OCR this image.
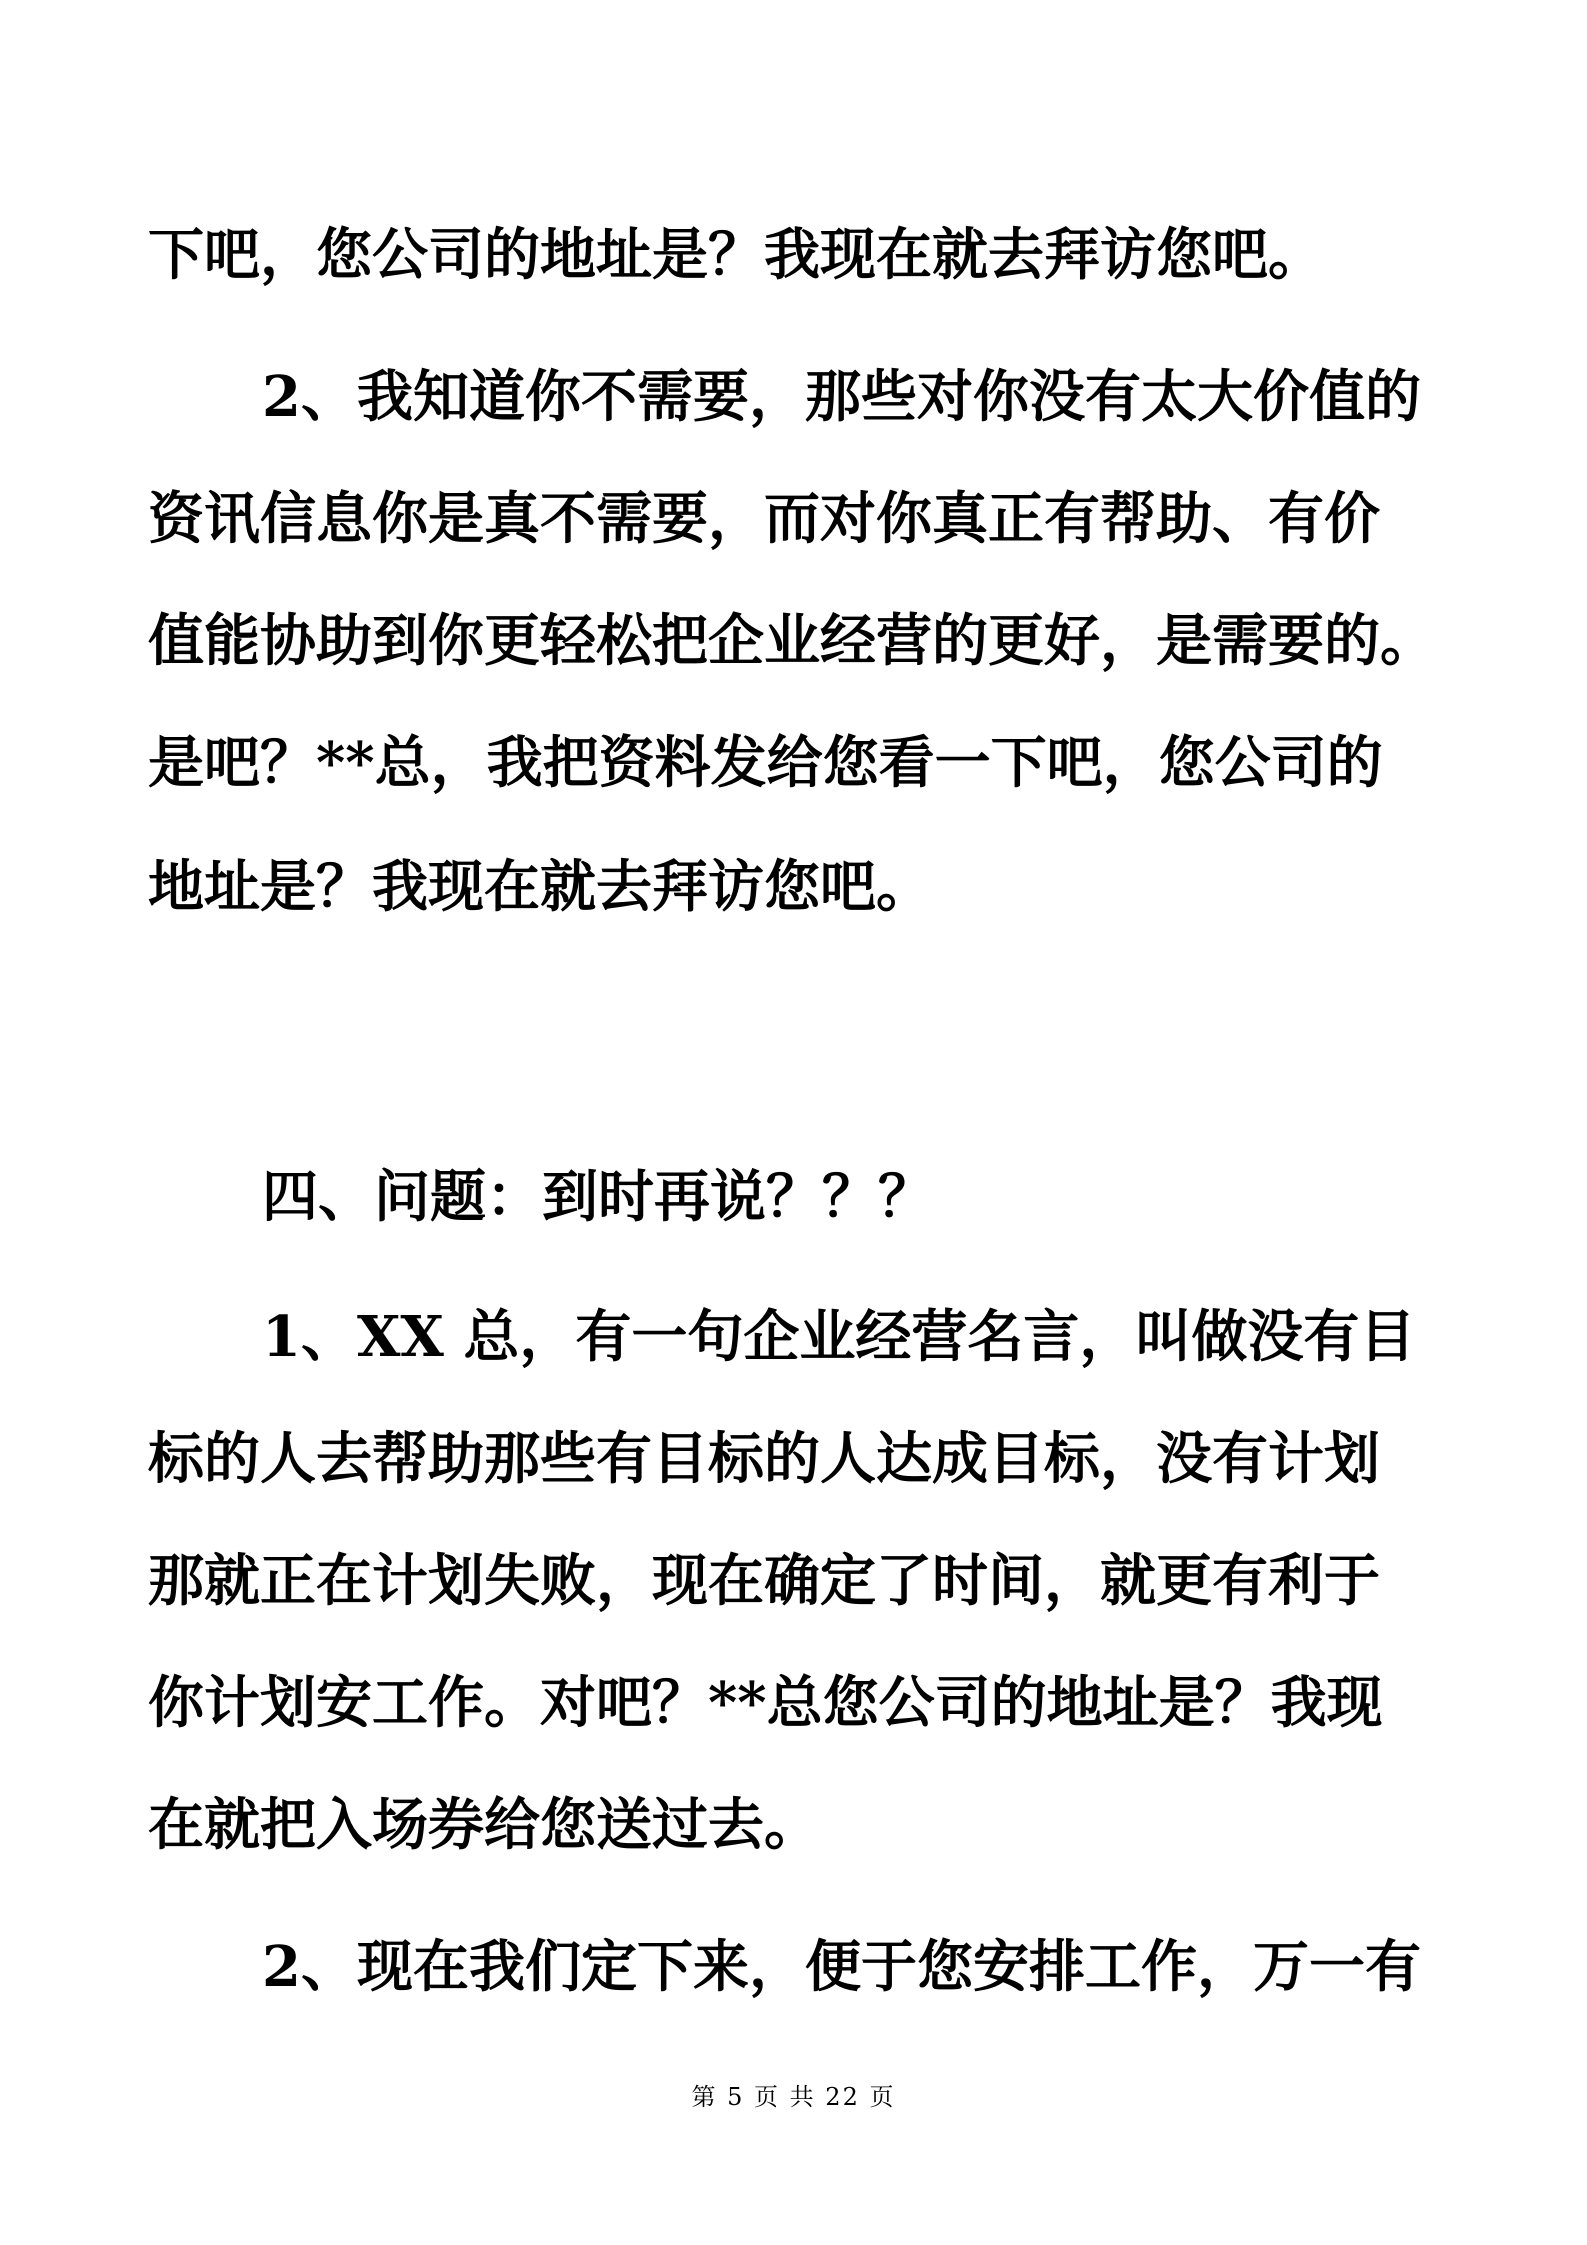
下吧，您公司的地址是？我现在就去拜访您吧。
2、我知道你不需要，那些对你没有太大价值的
资讯信息你是真不需要，而对你真正有帮助、有价
值能协助到你更轻松把企业经营的更好，是需要的。
是吧？**总，我把资料发给您看一下吧，您公司的
地址是？我现在就去拜访您吧。
四、问题：到时再说？？？
1、XX 总，有一句企业经营名言，叫做没有目
标的人去帮助那些有目标的人达成目标，没有计划
那就正在计划失败，现在确定了时间，就更有利于
你计划安工作。对吧？**总您公司的地址是？我现
在就把入场券给您送过去。
2、现在我们定下来，便于您安排工作，万一有
第 5 页 共 22 页
